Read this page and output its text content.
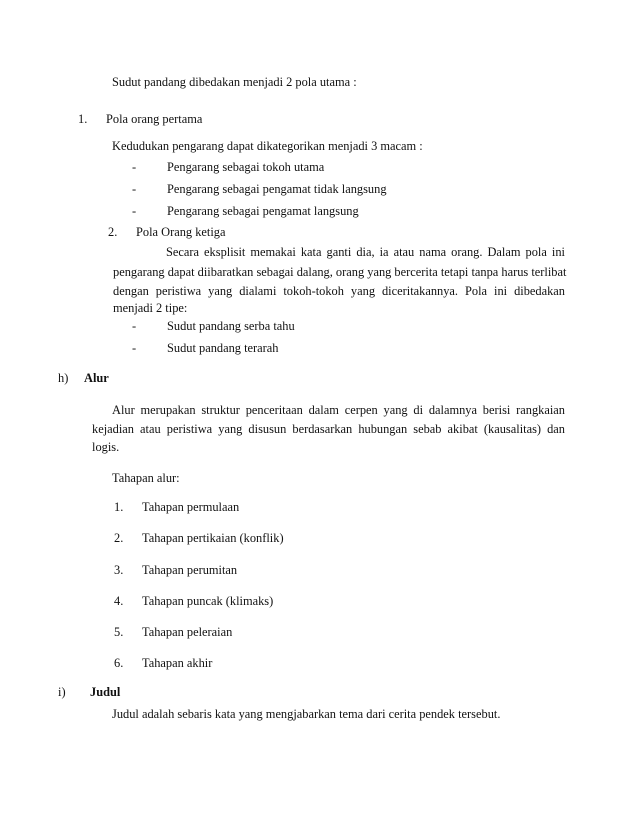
Sudut pandang dibedakan menjadi 2 pola utama :
1. Pola orang pertama
Kedudukan pengarang dapat dikategorikan menjadi 3 macam :
- Pengarang sebagai tokoh utama
- Pengarang sebagai pengamat tidak langsung
- Pengarang sebagai pengamat langsung
2. Pola Orang ketiga
Secara eksplisit memakai kata ganti dia, ia atau nama orang. Dalam pola ini
pengarang dapat diibaratkan sebagai dalang, orang yang bercerita tetapi tanpa harus terlibat
dengan peristiwa yang dialami tokoh-tokoh yang diceritakannya. Pola ini dibedakan
menjadi 2 tipe:
- Sudut pandang serba tahu
- Sudut pandang terarah
h) Alur
Alur merupakan struktur penceritaan dalam cerpen yang di dalamnya berisi rangkaian
kejadian atau peristiwa yang disusun berdasarkan hubungan sebab akibat (kausalitas) dan
logis.
Tahapan alur:
1. Tahapan permulaan
2. Tahapan pertikaian (konflik)
3. Tahapan perumitan
4. Tahapan puncak (klimaks)
5. Tahapan peleraian
6. Tahapan akhir
i) Judul
Judul adalah sebaris kata yang mengjabarkan tema dari cerita pendek tersebut.
